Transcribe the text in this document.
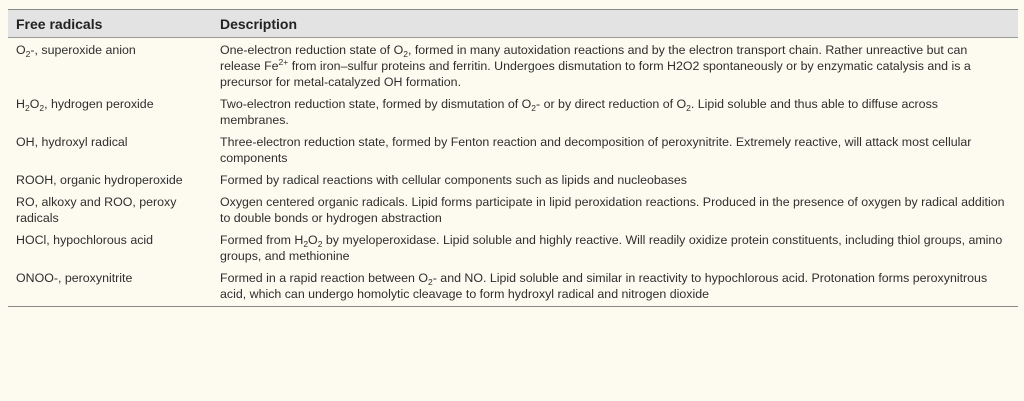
Free radicals	Description
$O_2-$, superoxide anion	One-electron reduction state of $O_2$, formed in many autoxidation reactions and by the electron transport chain. Rather unreactive but can release $Fe^{2+}$ from iron–sulfur proteins and ferritin. Undergoes dismutation to form H2O2 spontaneously or by enzymatic catalysis and is a precursor for metal-catalyzed OH formation.
$H_2O_2$, hydrogen peroxide	Two-electron reduction state, formed by dismutation of $O_2-$ or by direct reduction of $O_2$. Lipid soluble and thus able to diffuse across membranes.
OH, hydroxyl radical	Three-electron reduction state, formed by Fenton reaction and decomposition of peroxynitrite. Extremely reactive, will attack most cellular components
ROOH, organic hydroperoxide	Formed by radical reactions with cellular components such as lipids and nucleobases
RO, alkoxy and ROO, peroxy radicals	Oxygen centered organic radicals. Lipid forms participate in lipid peroxidation reactions. Produced in the presence of oxygen by radical addition to double bonds or hydrogen abstraction
HOCl, hypochlorous acid	Formed from $H_2O_2$ by myeloperoxidase. Lipid soluble and highly reactive. Will readily oxidize protein constituents, including thiol groups, amino groups, and methionine
ONOO-, peroxynitrite	Formed in a rapid reaction between $O_2-$ and NO. Lipid soluble and similar in reactivity to hypochlorous acid. Protonation forms peroxynitrous acid, which can undergo homolytic cleavage to form hydroxyl radical and nitrogen dioxide
